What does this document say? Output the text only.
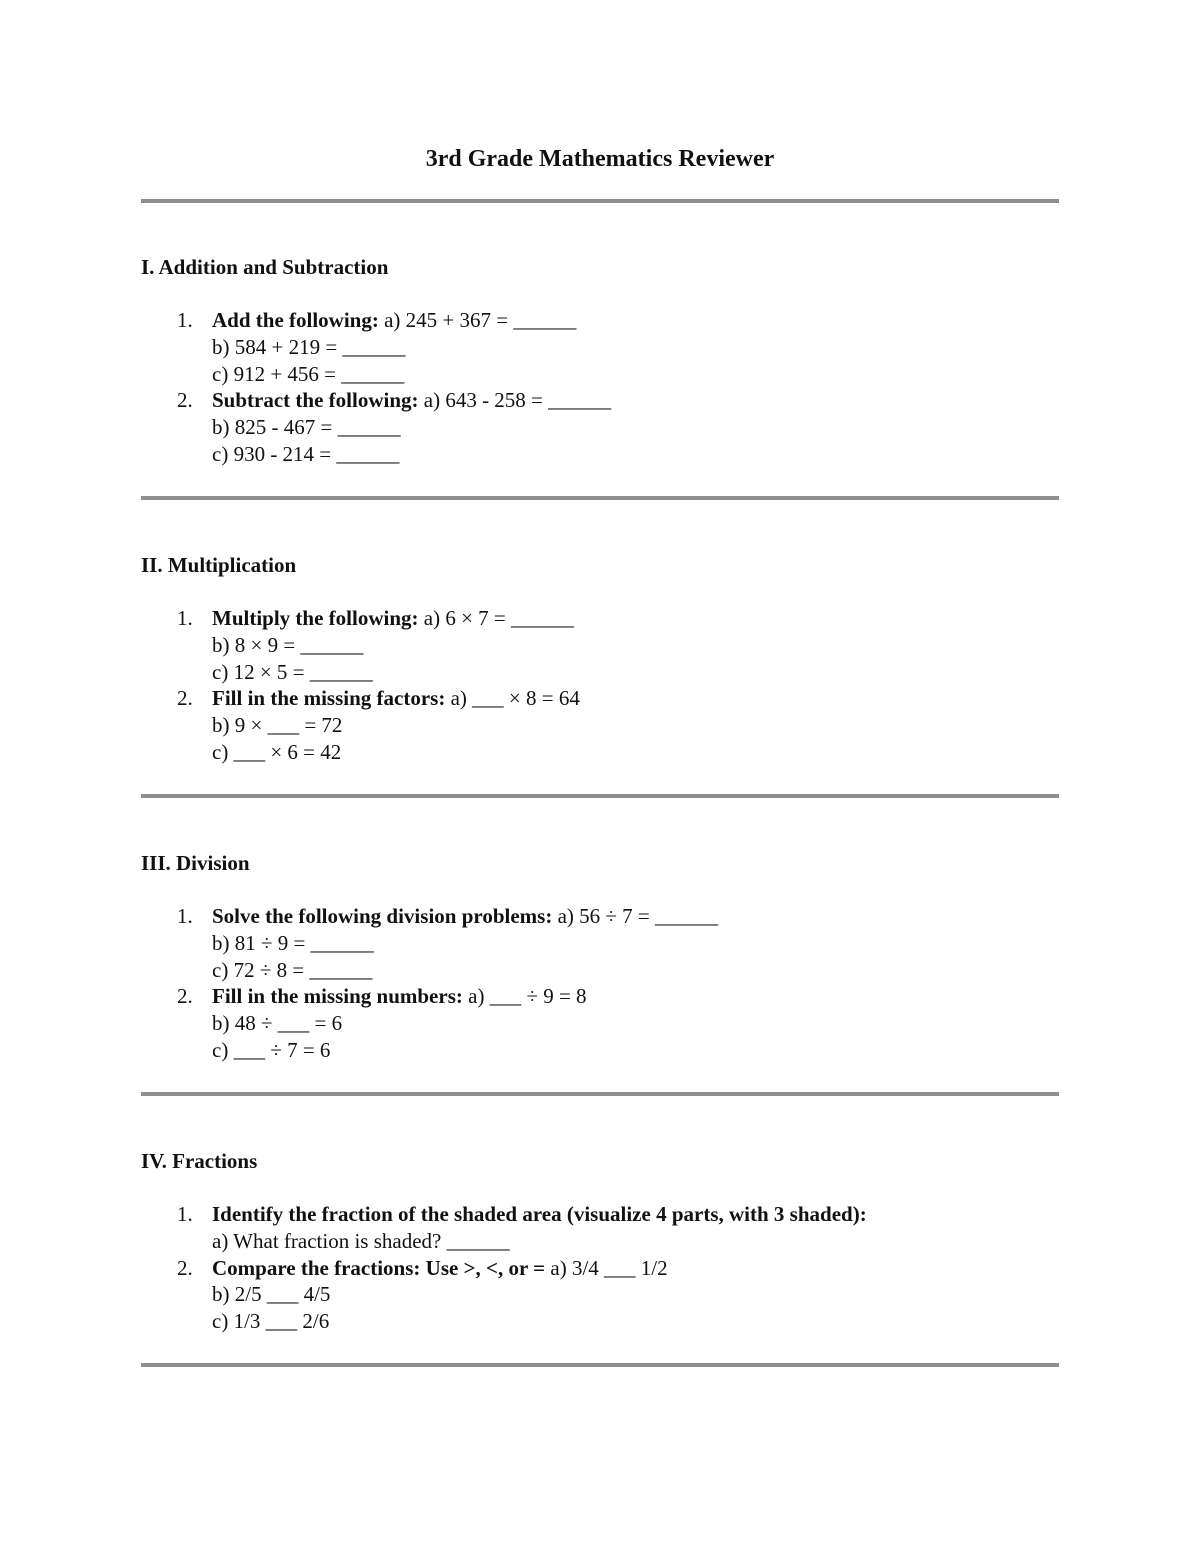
3rd Grade Mathematics Reviewer
I. Addition and Subtraction
1. Add the following: a) 245 + 367 = ______
b) 584 + 219 = ______
c) 912 + 456 = ______
2. Subtract the following: a) 643 - 258 = ______
b) 825 - 467 = ______
c) 930 - 214 = ______
II. Multiplication
1. Multiply the following: a) 6 × 7 = ______
b) 8 × 9 = ______
c) 12 × 5 = ______
2. Fill in the missing factors: a) ___ × 8 = 64
b) 9 × ___ = 72
c) ___ × 6 = 42
III. Division
1. Solve the following division problems: a) 56 ÷ 7 = ______
b) 81 ÷ 9 = ______
c) 72 ÷ 8 = ______
2. Fill in the missing numbers: a) ___ ÷ 9 = 8
b) 48 ÷ ___ = 6
c) ___ ÷ 7 = 6
IV. Fractions
1. Identify the fraction of the shaded area (visualize 4 parts, with 3 shaded):
a) What fraction is shaded? ______
2. Compare the fractions: Use >, <, or = a) 3/4 ___ 1/2
b) 2/5 ___ 4/5
c) 1/3 ___ 2/6
